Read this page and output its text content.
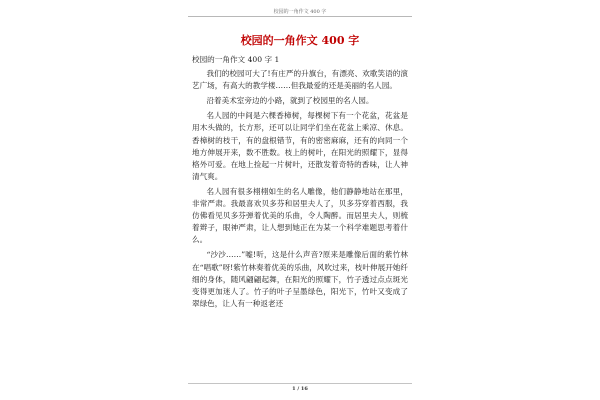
校园的一角作文 400 字
校园的一角作文 400 字

校园的一角作文 400 字 1

我们的校园可大了!有庄严的升旗台，有漂亮、欢歌笑语的演艺广场，有高大的教学楼……但我最爱的还是美丽的名人园。

沿着美术室旁边的小路，就到了校园里的名人园。

名人园的中间是六棵香樟树，每棵树下有一个花盆，花盆是用木头做的，长方形，还可以让同学们坐在花盆上乘凉、休息。香樟树的枝干，有的盘根错节，有的密密麻麻，还有的向同一个地方伸展开来，数不胜数。枝上的树叶，在阳光的照耀下，显得格外可爱。在地上捡起一片树叶，还散发着奇特的香味，让人神清气爽。

名人园有很多栩栩如生的名人雕像，他们静静地站在那里，非常严肃。我最喜欢贝多芬和居里夫人了，贝多芬穿着西服，我仿佛看见贝多芬弹着优美的乐曲，令人陶醉。而居里夫人，则梳着辫子，眼神严肃，让人想到她正在为某一个科学难题思考着什么。

“沙沙……”嘘!听，这是什么声音?原来是雕像后面的紫竹林在“唱歌”呀!紫竹林奏着优美的乐曲，风吹过来，枝叶伸展开她纤细的身体，随风翩翩起舞，在阳光的照耀下，竹子透过点点斑光变得更加迷人了。竹子的叶子呈墨绿色，阳光下，竹叶又变成了翠绿色，让人有一种返老还

1 / 16
